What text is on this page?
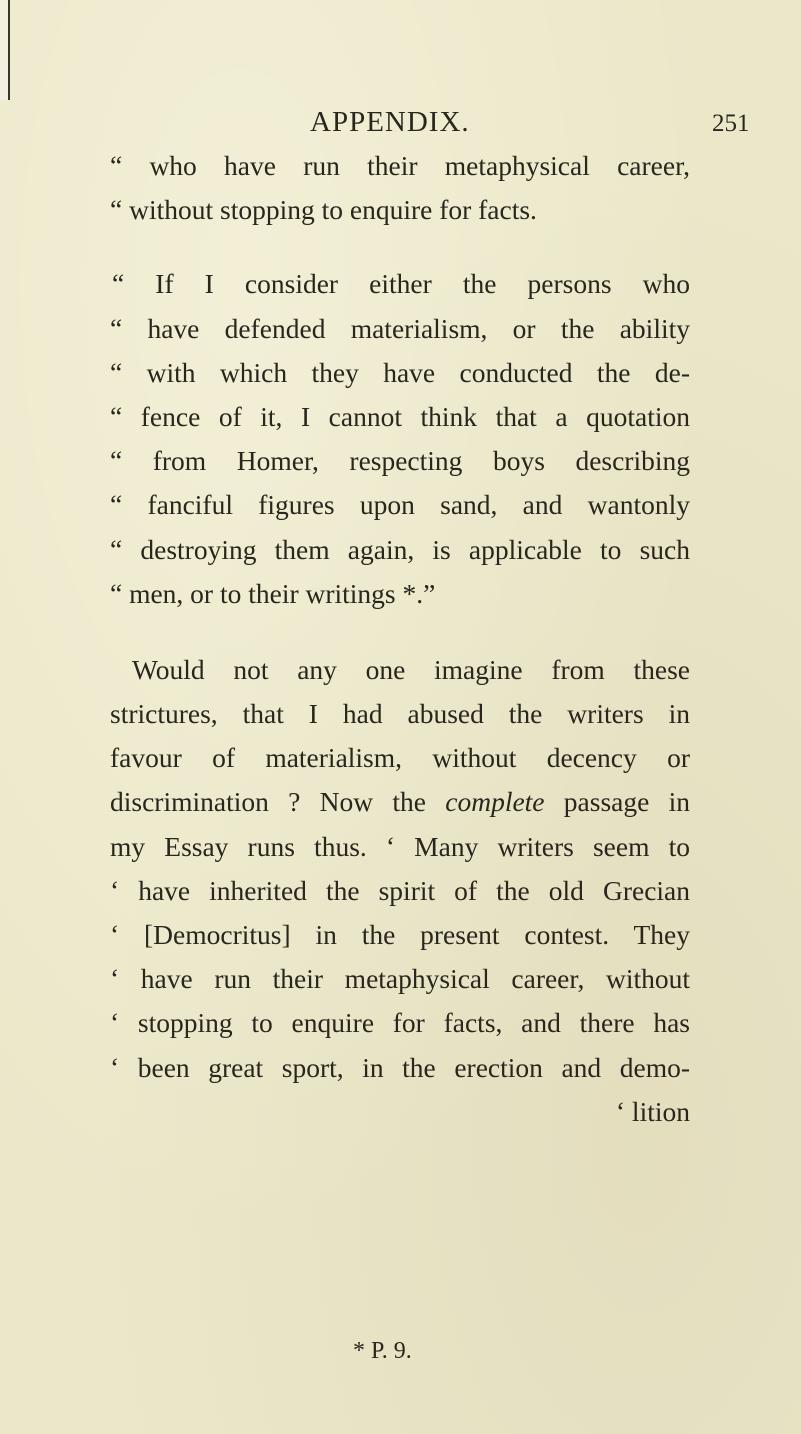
APPENDIX.	251
“ who have run their metaphysical career,
“ without stopping to enquire for facts.
“ If I consider either the persons who
“ have defended materialism, or the ability
“ with which they have conducted the de-
“ fence of it, I cannot think that a quotation
“ from Homer, respecting boys describing
“ fanciful figures upon sand, and wantonly
“ destroying them again, is applicable to such
“ men, or to their writings *.”
Would not any one imagine from these
strictures, that I had abused the writers in
favour of materialism, without decency or
discrimination ? Now the complete passage in
my Essay runs thus. ‘ Many writers seem to
‘ have inherited the spirit of the old Grecian
‘ [Democritus] in the present contest. They
‘ have run their metaphysical career, without
‘ stopping to enquire for facts, and there has
‘ been great sport, in the erection and demo-
‘ lition
* P. 9.
